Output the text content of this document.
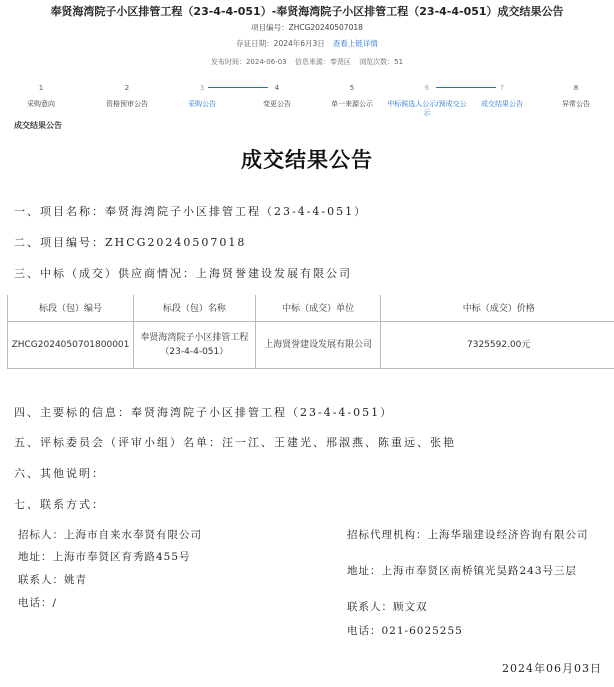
奉贤海湾院子小区排管工程（23-4-4-051）-奉贤海湾院子小区排管工程（23-4-4-051）成交结果公告
项目编号：ZHCG20240507018
存证日期：2024年6月3日 查看上链详情
发布时间：2024-06-03 信息来源：奉贤区 浏览次数：51
1
采购意向
2
资格预审公告
3
采购公告
4
变更公告
5
单一来源公示
6
中标候选人公示/预成交公示
7
成交结果公告
8
异常公告
成交结果公告
成交结果公告
一、项目名称：奉贤海湾院子小区排管工程（23-4-4-051）
二、项目编号：ZHCG20240507018
三、中标（成交）供应商情况：上海贤誉建设发展有限公司
标段（包）编号	标段（包）名称	中标（成交）单位	中标（成交）价格
ZHCG2024050701800001	奉贤海湾院子小区排管工程（23-4-4-051）	上海贤誉建设发展有限公司	7325592.00元
四、主要标的信息：奉贤海湾院子小区排管工程（23-4-4-051）
五、评标委员会（评审小组）名单：汪一江、王建光、邢淑燕、陈重远、张艳
六、其他说明：
七、联系方式：
招标人：上海市自来水奉贤有限公司
地址：上海市奉贤区育秀路455号
联系人：姚青
电话：/
招标代理机构：上海华瑞建设经济咨询有限公司
地址：上海市奉贤区南桥镇光昊路243号三层
联系人：顾文双
电话：021-6025255
2024年06月03日
